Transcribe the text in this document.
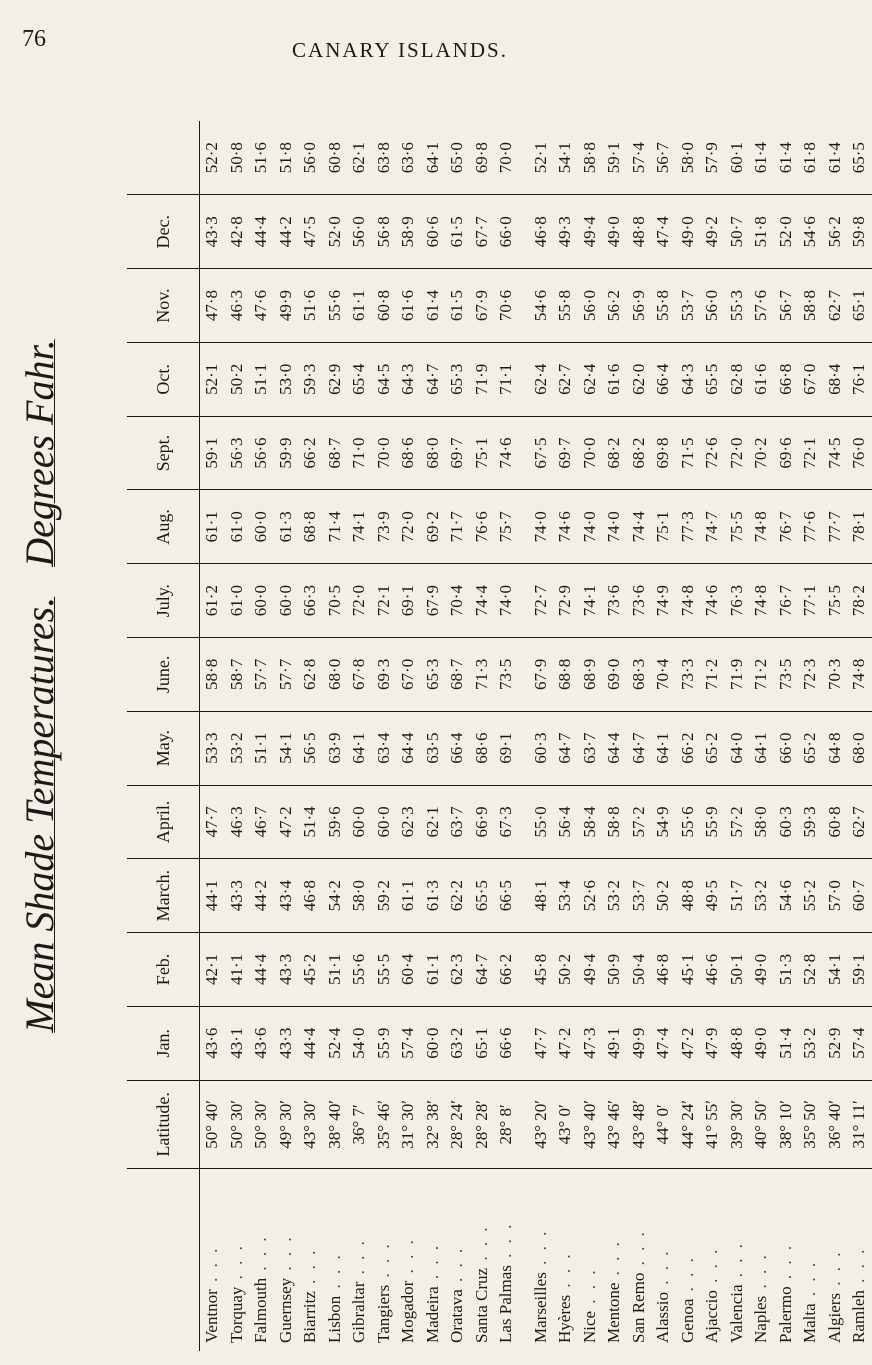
76	CANARY ISLANDS.
Mean Shade Temperatures.   Degrees Fahr.
	Latitude.	Jan.	Feb.	March.	April.	May.	June.	July.	Aug.	Sept.	Oct.	Nov.	Dec.	
Ventnor . . .	50° 40′	43·6	42·1	44·1	47·7	53·3	58·8	61·2	61·1	59·1	52·1	47·8	43·3	52·2
Torquay . . .	50° 30′	43·1	41·1	43·3	46·3	53·2	58·7	61·0	61·0	56·3	50·2	46·3	42·8	50·8
Falmouth . . .	50° 30′	43·6	44·4	44·2	46·7	51·1	57·7	60·0	60·0	56·6	51·1	47·6	44·4	51·6
Guernsey . . .	49° 30′	43·3	43·3	43·4	47·2	54·1	57·7	60·0	61·3	59·9	53·0	49·9	44·2	51·8
Biarritz . . .	43° 30′	44·4	45·2	46·8	51·4	56·5	62·8	66·3	68·8	66·2	59·3	51·6	47·5	56·0
Lisbon . . .	38° 40′	52·4	51·1	54·2	59·6	63·9	68·0	70·5	71·4	68·7	62·9	55·6	52·0	60·8
Gibraltar . . .	36° 7′	54·0	55·6	58·0	60·0	64·1	67·8	72·0	74·1	71·0	65·4	61·1	56·0	62·1
Tangiers . . .	35° 46′	55·9	55·5	59·2	60·0	63·4	69·3	72·1	73·9	70·0	64·5	60·8	56·8	63·8
Mogador . . .	31° 30′	57·4	60·4	61·1	62·3	64·4	67·0	69·1	72·0	68·6	64·3	61·6	58·9	63·6
Madeira . . .	32° 38′	60·0	61·1	61·3	62·1	63·5	65·3	67·9	69·2	68·0	64·7	61·4	60·6	64·1
Oratava . . .	28° 24′	63·2	62·3	62·2	63·7	66·4	68·7	70·4	71·7	69·7	65·3	61·5	61·5	65·0
Santa Cruz . . .	28° 28′	65·1	64·7	65·5	66·9	68·6	71·3	74·4	76·6	75·1	71·9	67·9	67·7	69·8
Las Palmas . . .	28° 8′	66·6	66·2	66·5	67·3	69·1	73·5	74·0	75·7	74·6	71·1	70·6	66·0	70·0
Marseilles . . .	43° 20′	47·7	45·8	48·1	55·0	60·3	67·9	72·7	74·0	67·5	62·4	54·6	46·8	52·1
Hyères . . .	43° 0′	47·2	50·2	53·4	56·4	64·7	68·8	72·9	74·6	69·7	62·7	55·8	49·3	54·1
Nice . . .	43° 40′	47·3	49·4	52·6	58·4	63·7	68·9	74·1	74·0	70·0	62·4	56·0	49·4	58·8
Mentone . . .	43° 46′	49·1	50·9	53·2	58·8	64·4	69·0	73·6	74·0	68·2	61·6	56·2	49·0	59·1
San Remo . . .	43° 48′	49·9	50·4	53·7	57·2	64·7	68·3	73·6	74·4	68·2	62·0	56·9	48·8	57·4
Alassio . . .	44° 0′	47·4	46·8	50·2	54·9	64·1	70·4	74·9	75·1	69·8	66·4	55·8	47·4	56·7
Genoa . . .	44° 24′	47·2	45·1	48·8	55·6	66·2	73·3	74·8	77·3	71·5	64·3	53·7	49·0	58·0
Ajaccio . . .	41° 55′	47·9	46·6	49·5	55·9	65·2	71·2	74·6	74·7	72·6	65·5	56·0	49·2	57·9
Valencia . . .	39° 30′	48·8	50·1	51·7	57·2	64·0	71·9	76·3	75·5	72·0	62·8	55·3	50·7	60·1
Naples . . .	40° 50′	49·0	49·0	53·2	58·0	64·1	71·2	74·8	74·8	70·2	61·6	57·6	51·8	61·4
Palermo . . .	38° 10′	51·4	51·3	54·6	60·3	66·0	73·5	76·7	76·7	69·6	66·8	56·7	52·0	61·4
Malta . . .	35° 50′	53·2	52·8	55·2	59·3	65·2	72·3	77·1	77·6	72·1	67·0	58·8	54·6	61·8
Algiers . . .	36° 40′	52·9	54·1	57·0	60·8	64·8	70·3	75·5	77·7	74·5	68·4	62·7	56·2	61·4
Ramleh . . .	31° 11′	57·4	59·1	60·7	62·7	68·0	74·8	78·2	78·1	76·0	76·1	65·1	59·8	65·5
